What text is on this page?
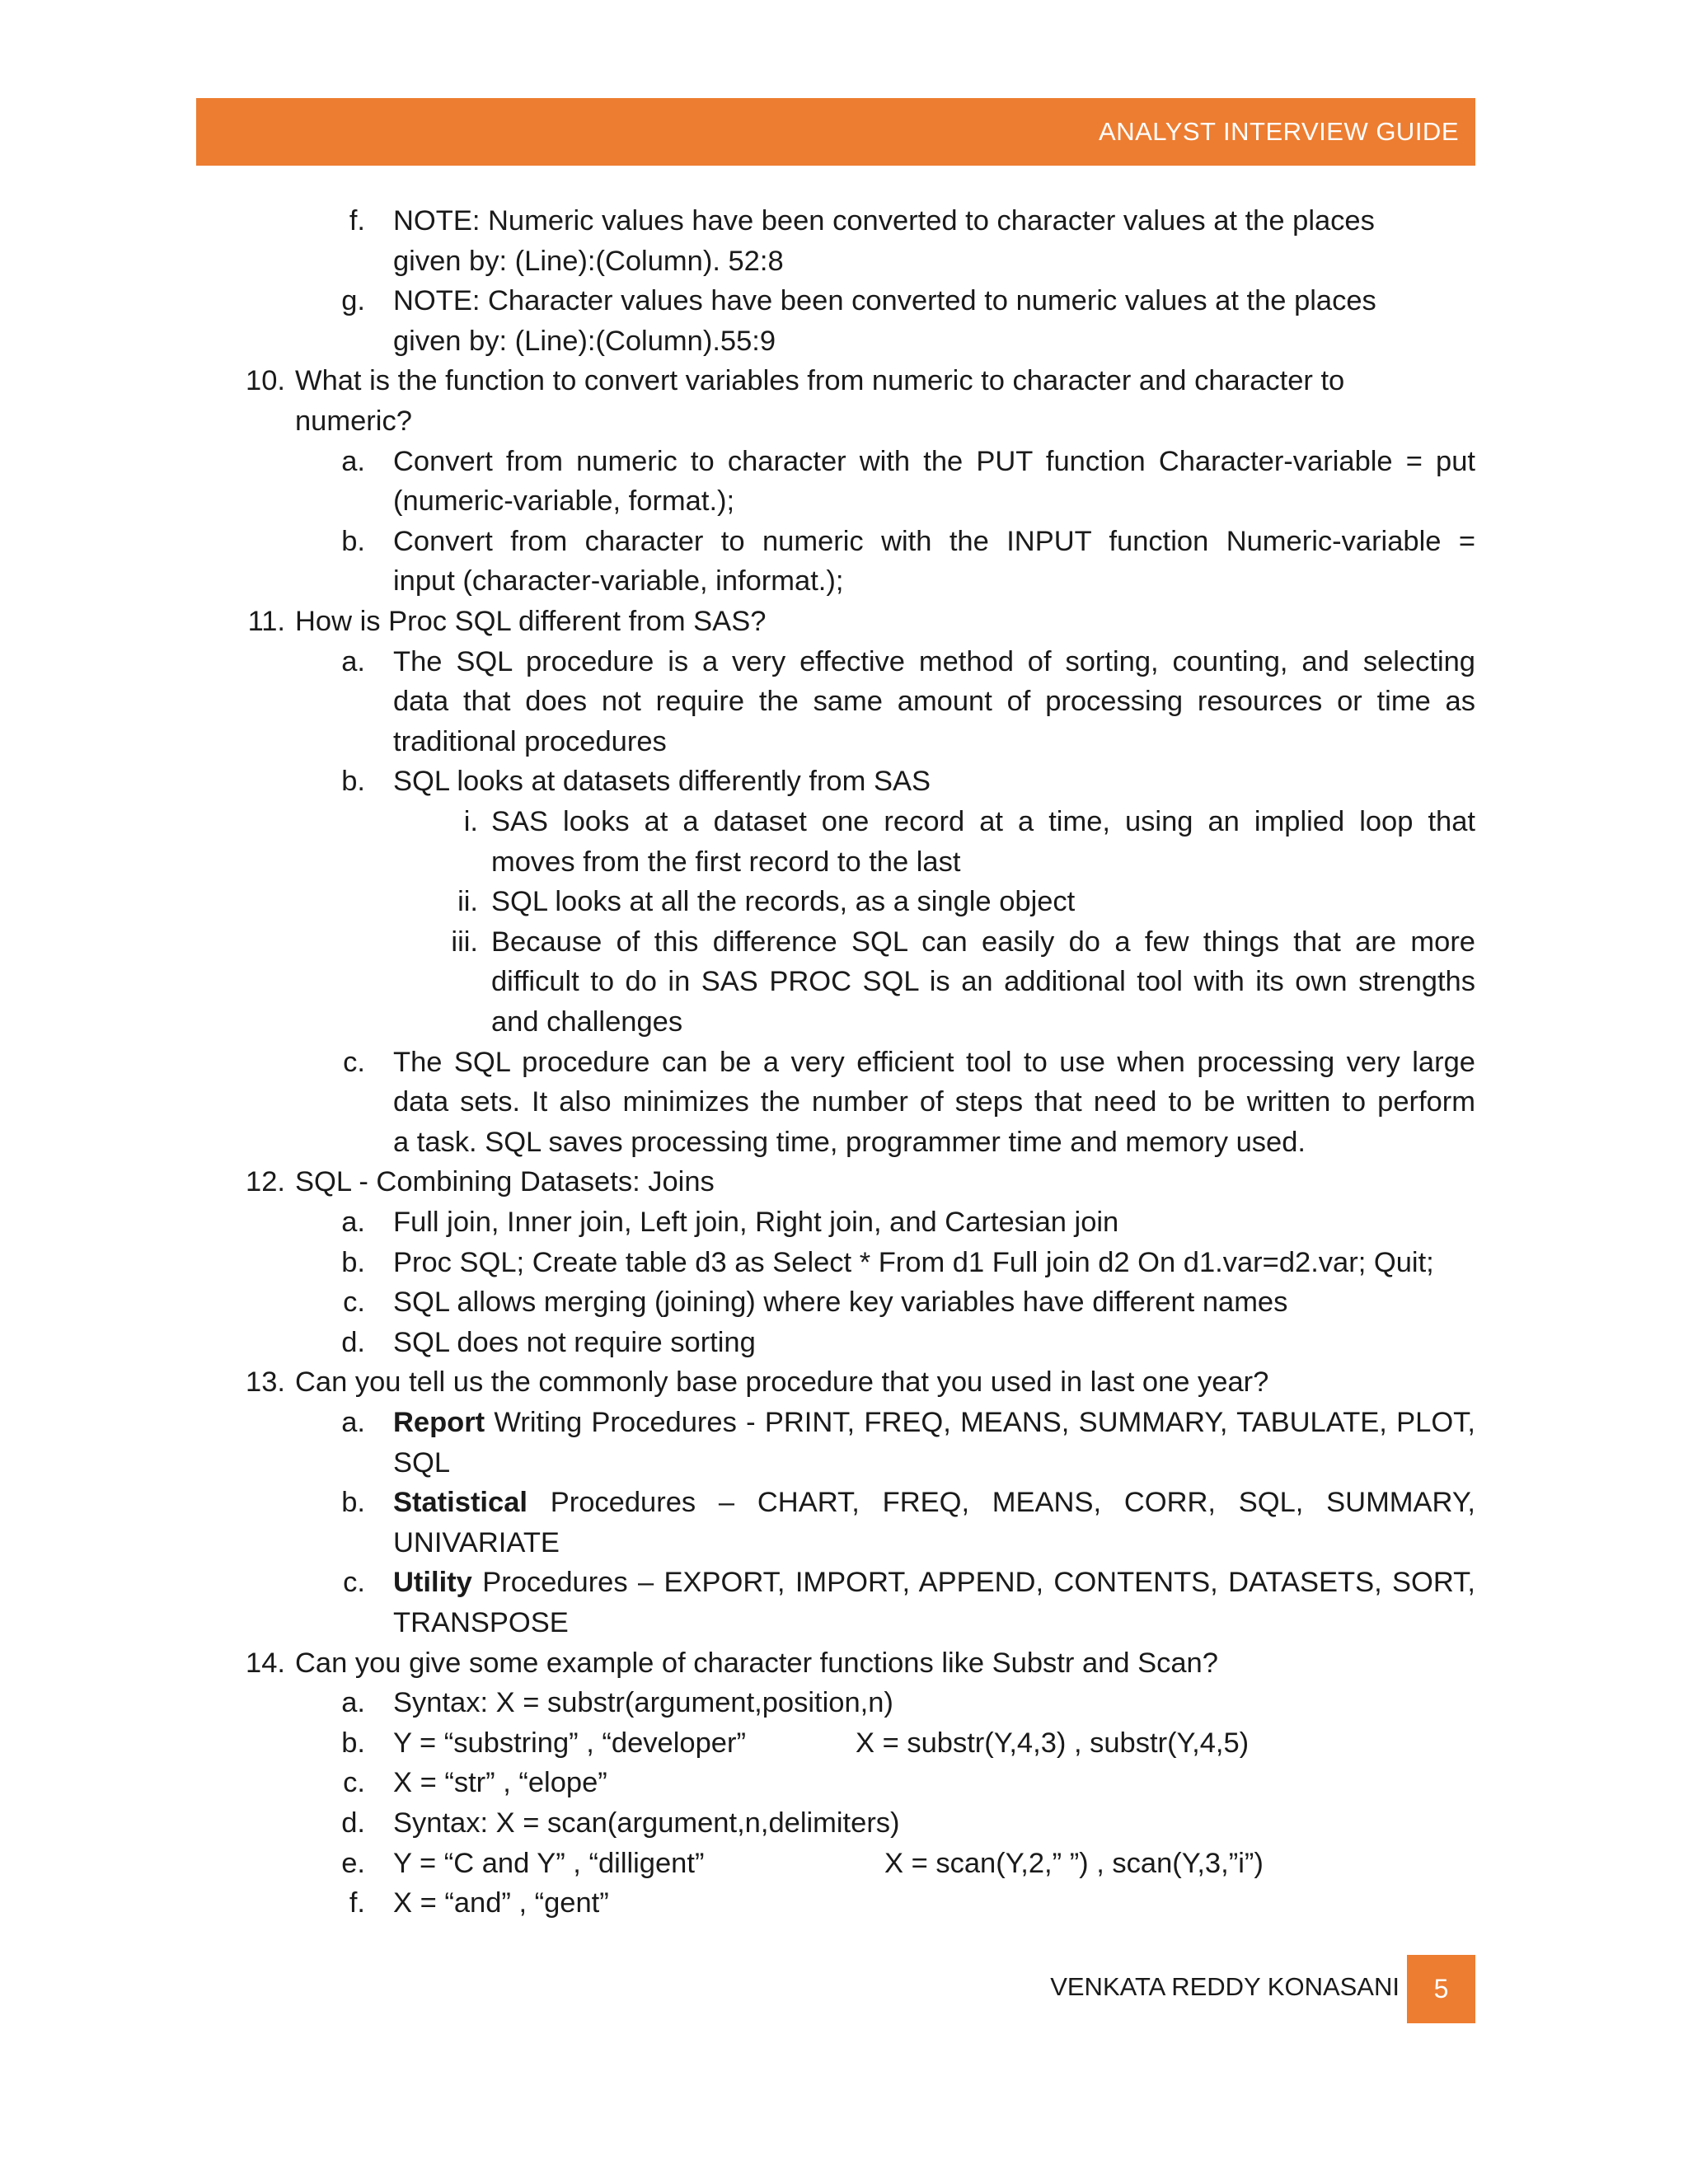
ANALYST INTERVIEW GUIDE
f. NOTE: Numeric values have been converted to character values at the places
given by: (Line):(Column). 52:8
g. NOTE: Character values have been converted to numeric values at the places
given by: (Line):(Column).55:9
10. What is the function to convert variables from numeric to character and character to
numeric?
a. Convert from numeric to character with the PUT function Character-variable = put
(numeric-variable, format.);
b. Convert from character to numeric with the INPUT function Numeric-variable =
input (character-variable, informat.);
11. How is Proc SQL different from SAS?
a. The SQL procedure is a very effective method of sorting, counting, and selecting
data that does not require the same amount of processing resources or time as
traditional procedures
b. SQL looks at datasets differently from SAS
i. SAS looks at a dataset one record at a time, using an implied loop that
moves from the first record to the last
ii. SQL looks at all the records, as a single object
iii. Because of this difference SQL can easily do a few things that are more
difficult to do in SAS PROC SQL is an additional tool with its own strengths
and challenges
c. The SQL procedure can be a very efficient tool to use when processing very large
data sets. It also minimizes the number of steps that need to be written to perform
a task. SQL saves processing time, programmer time and memory used.
12. SQL - Combining Datasets: Joins
a. Full join, Inner join, Left join, Right join, and Cartesian join
b. Proc SQL; Create table d3 as Select * From d1 Full join d2 On d1.var=d2.var; Quit;
c. SQL allows merging (joining) where key variables have different names
d. SQL does not require sorting
13. Can you tell us the commonly base procedure that you used in last one year?
a. Report Writing Procedures - PRINT, FREQ, MEANS, SUMMARY, TABULATE, PLOT,
SQL
b. Statistical Procedures – CHART, FREQ, MEANS, CORR, SQL, SUMMARY,
UNIVARIATE
c. Utility Procedures – EXPORT, IMPORT, APPEND, CONTENTS, DATASETS, SORT,
TRANSPOSE
14. Can you give some example of character functions like Substr and Scan?
a. Syntax: X = substr(argument,position,n)
b. Y = “substring” , “developer”	X = substr(Y,4,3) , substr(Y,4,5)
c. X = “str” , “elope”
d. Syntax: X = scan(argument,n,delimiters)
e. Y = “C and Y” , “dilligent”	X = scan(Y,2,” ”) , scan(Y,3,”i”)
f. X = “and” , “gent”
VENKATA REDDY KONASANI 5
